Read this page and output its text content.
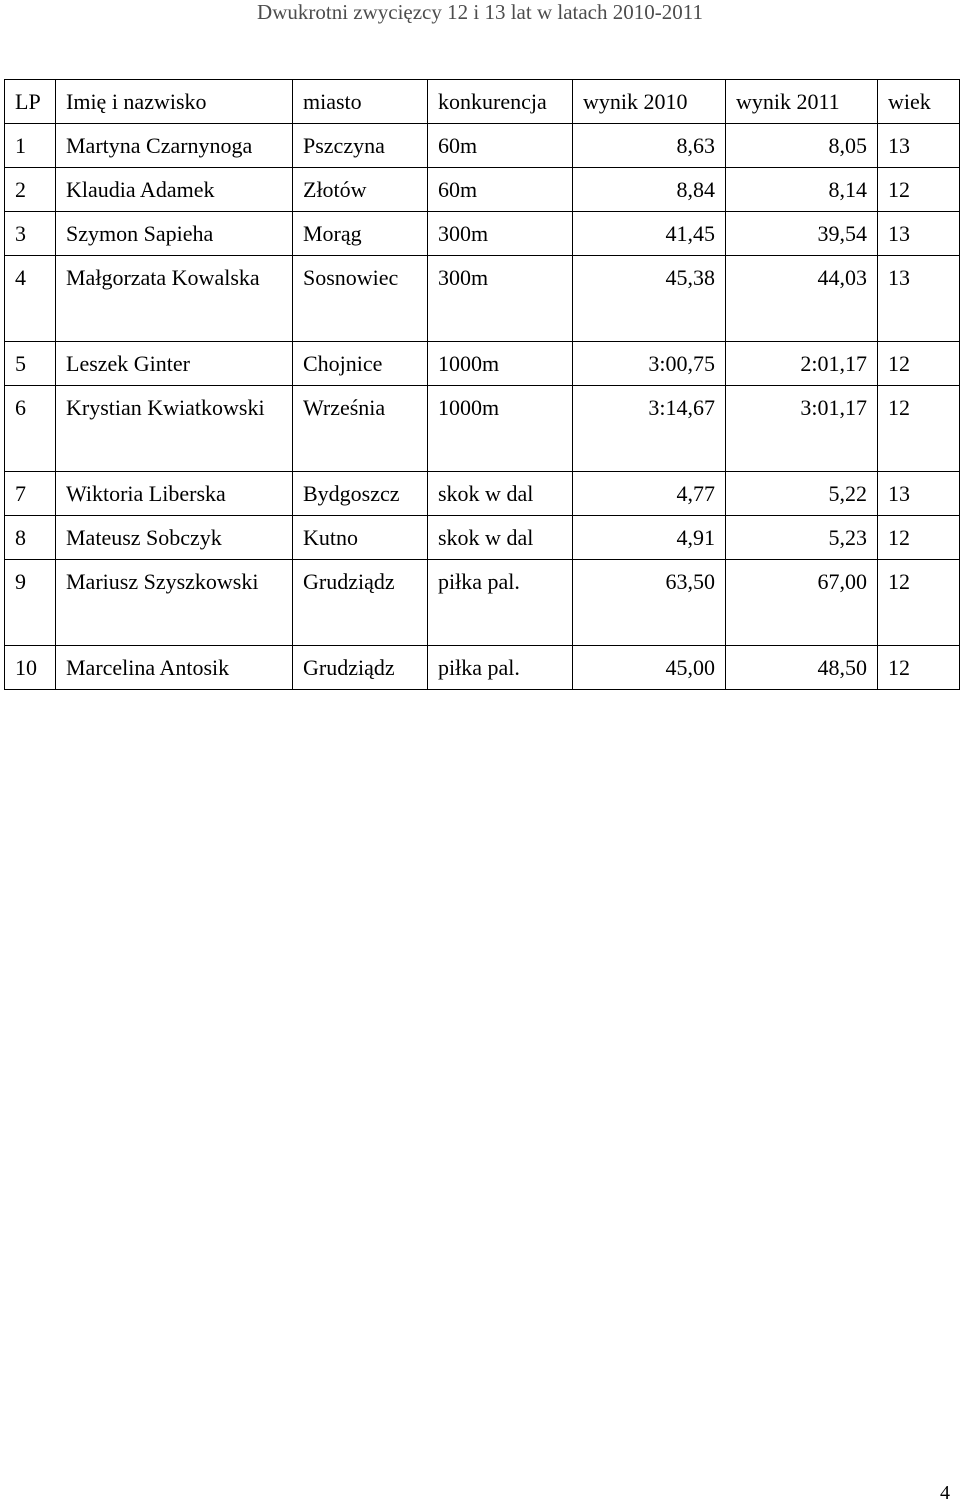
Dwukrotni zwycięzcy 12 i 13 lat w latach 2010-2011
LP	Imię i nazwisko	miasto	konkurencja	wynik 2010	wynik 2011	wiek
1	Martyna Czarnynoga	Pszczyna	60m	8,63	8,05	13
2	Klaudia Adamek	Złotów	60m	8,84	8,14	12
3	Szymon Sapieha	Morąg	300m	41,45	39,54	13
4	Małgorzata Kowalska	Sosnowiec	300m	45,38	44,03	13
5	Leszek Ginter	Chojnice	1000m	3:00,75	2:01,17	12
6	Krystian Kwiatkowski	Września	1000m	3:14,67	3:01,17	12
7	Wiktoria Liberska	Bydgoszcz	skok w dal	4,77	5,22	13
8	Mateusz Sobczyk	Kutno	skok w dal	4,91	5,23	12
9	Mariusz Szyszkowski	Grudziądz	piłka pal.	63,50	67,00	12
10	Marcelina Antosik	Grudziądz	piłka pal.	45,00	48,50	12
4
